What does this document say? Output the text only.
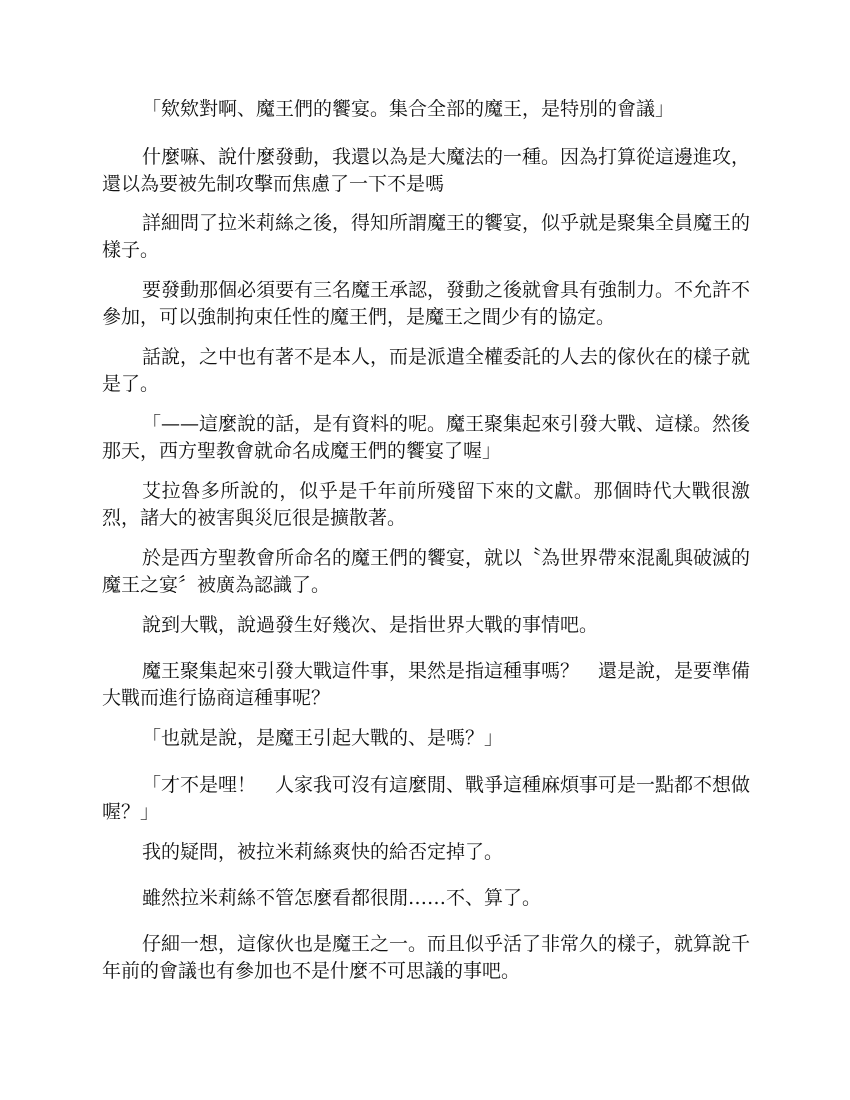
「欸欸對啊、魔王們的饗宴。集合全部的魔王，是特別的會議」

什麼嘛、說什麼發動，我還以為是大魔法的一種。因為打算從這邊進攻，還以為要被先制攻擊而焦慮了一下不是嗎

詳細問了拉米莉絲之後，得知所謂魔王的饗宴，似乎就是聚集全員魔王的樣子。

要發動那個必須要有三名魔王承認，發動之後就會具有強制力。不允許不參加，可以強制拘束任性的魔王們，是魔王之間少有的協定。

話說，之中也有著不是本人，而是派遣全權委託的人去的傢伙在的樣子就是了。

「——這麼說的話，是有資料的呢。魔王聚集起來引發大戰、這樣。然後那天，西方聖教會就命名成魔王們的饗宴了喔」

艾拉魯多所說的，似乎是千年前所殘留下來的文獻。那個時代大戰很激烈，諸大的被害與災厄很是擴散著。

於是西方聖教會所命名的魔王們的饗宴，就以〝為世界帶來混亂與破滅的魔王之宴〞被廣為認識了。

說到大戰，說過發生好幾次、是指世界大戰的事情吧。

魔王聚集起來引發大戰這件事，果然是指這種事嗎？　還是說，是要準備大戰而進行協商這種事呢？

「也就是說，是魔王引起大戰的、是嗎？」

「才不是哩！　人家我可沒有這麼閒、戰爭這種麻煩事可是一點都不想做喔？」

我的疑問，被拉米莉絲爽快的給否定掉了。

雖然拉米莉絲不管怎麼看都很閒……不、算了。

仔細一想，這傢伙也是魔王之一。而且似乎活了非常久的樣子，就算說千年前的會議也有參加也不是什麼不可思議的事吧。
